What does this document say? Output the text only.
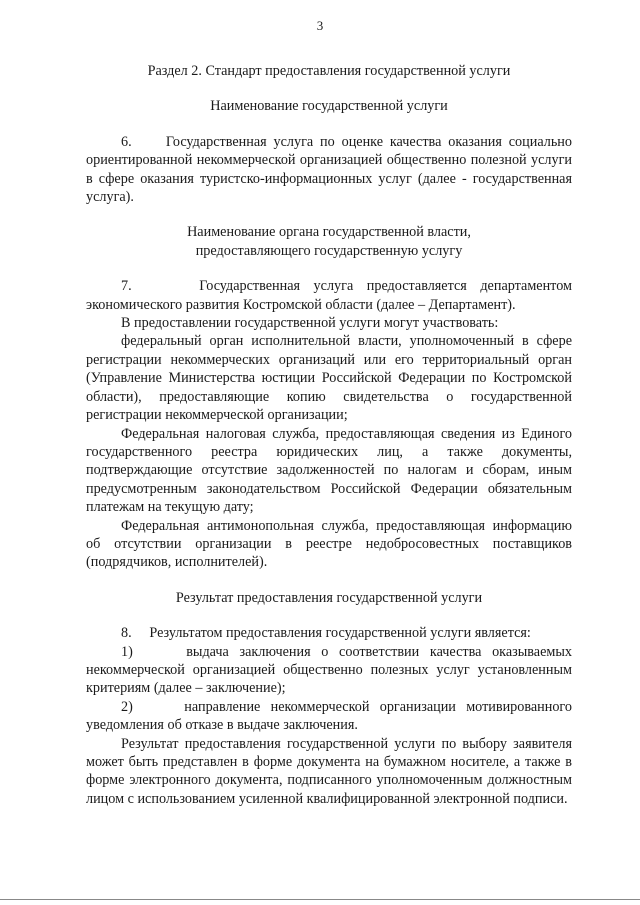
3

Раздел 2. Стандарт предоставления государственной услуги

Наименование государственной услуги

6.     Государственная услуга по оценке качества оказания социально ориентированной некоммерческой организацией общественно полезной услуги в сфере оказания туристско-информационных услуг (далее - государственная услуга).

Наименование органа государственной власти,

предоставляющего государственную услугу

7.     Государственная услуга предоставляется департаментом экономического развития Костромской области (далее – Департамент).

В предоставлении государственной услуги могут участвовать:

федеральный орган исполнительной власти, уполномоченный в сфере регистрации некоммерческих организаций или его территориальный орган (Управление Министерства юстиции Российской Федерации по Костромской области), предоставляющие копию свидетельства о государственной регистрации некоммерческой организации;

Федеральная налоговая служба, предоставляющая сведения из Единого государственного реестра юридических лиц, а также документы, подтверждающие отсутствие задолженностей по налогам и сборам, иным предусмотренным законодательством Российской Федерации обязательным платежам на текущую дату;

Федеральная антимонопольная служба, предоставляющая информацию об отсутствии организации в реестре недобросовестных поставщиков (подрядчиков, исполнителей).

Результат предоставления государственной услуги

8.     Результатом предоставления государственной услуги является:

1)     выдача заключения о соответствии качества оказываемых некоммерческой организацией общественно полезных услуг установленным критериям (далее – заключение);

2)     направление некоммерческой организации мотивированного уведомления об отказе в выдаче заключения.

Результат предоставления государственной услуги по выбору заявителя может быть представлен в форме документа на бумажном носителе, а также в форме электронного документа, подписанного уполномоченным должностным лицом с использованием усиленной квалифицированной электронной подписи.
